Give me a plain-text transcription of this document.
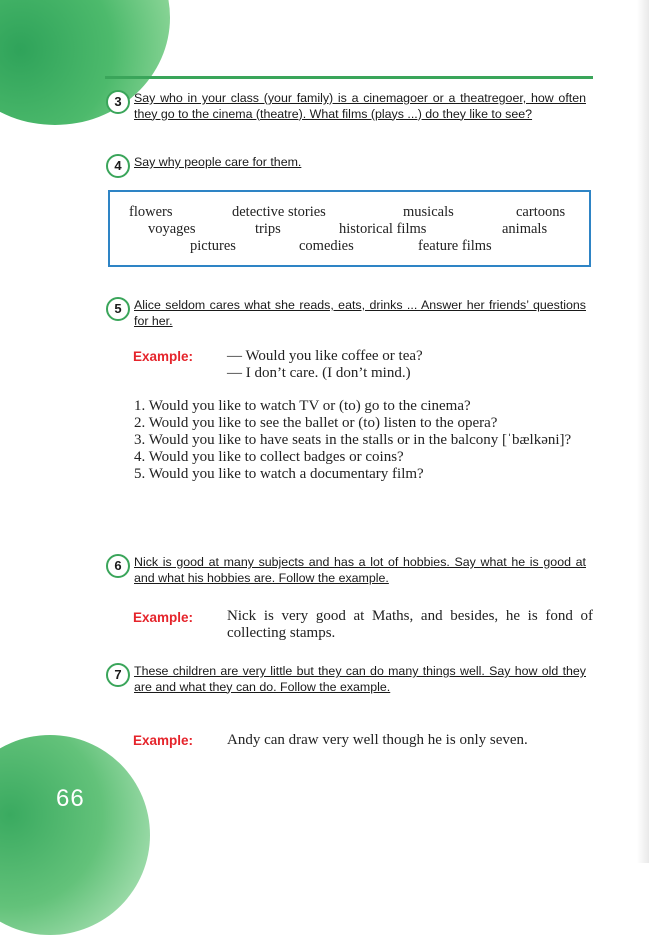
66
3 Say who in your class (your family) is a cinemagoer or a theatregoer, how often they go to the cinema (theatre). What films (plays ...) do they like to see?
4 Say why people care for them.
flowers	detective stories	musicals	cartoons
voyages	trips	historical films	animals
pictures	comedies	feature films
5 Alice seldom cares what she reads, eats, drinks ... Answer her friends’ questions for her.
Example: — Would you like coffee or tea?
— I don’t care. (I don’t mind.)

1. Would you like to watch TV or (to) go to the cinema?

2. Would you like to see the ballet or (to) listen to the opera?

3. Would you like to have seats in the stalls or in the balcony [ˈbælkəni]?

4. Would you like to collect badges or coins?

5. Would you like to watch a documentary film?

6 Nick is good at many subjects and has a lot of hobbies. Say what he is good at and what his hobbies are. Follow the example.
Example: Nick is very good at Maths, and besides, he is fond of collecting stamps.
7 These children are very little but they can do many things well. Say how old they are and what they can do. Follow the example.
Example: Andy can draw very well though he is only seven.
